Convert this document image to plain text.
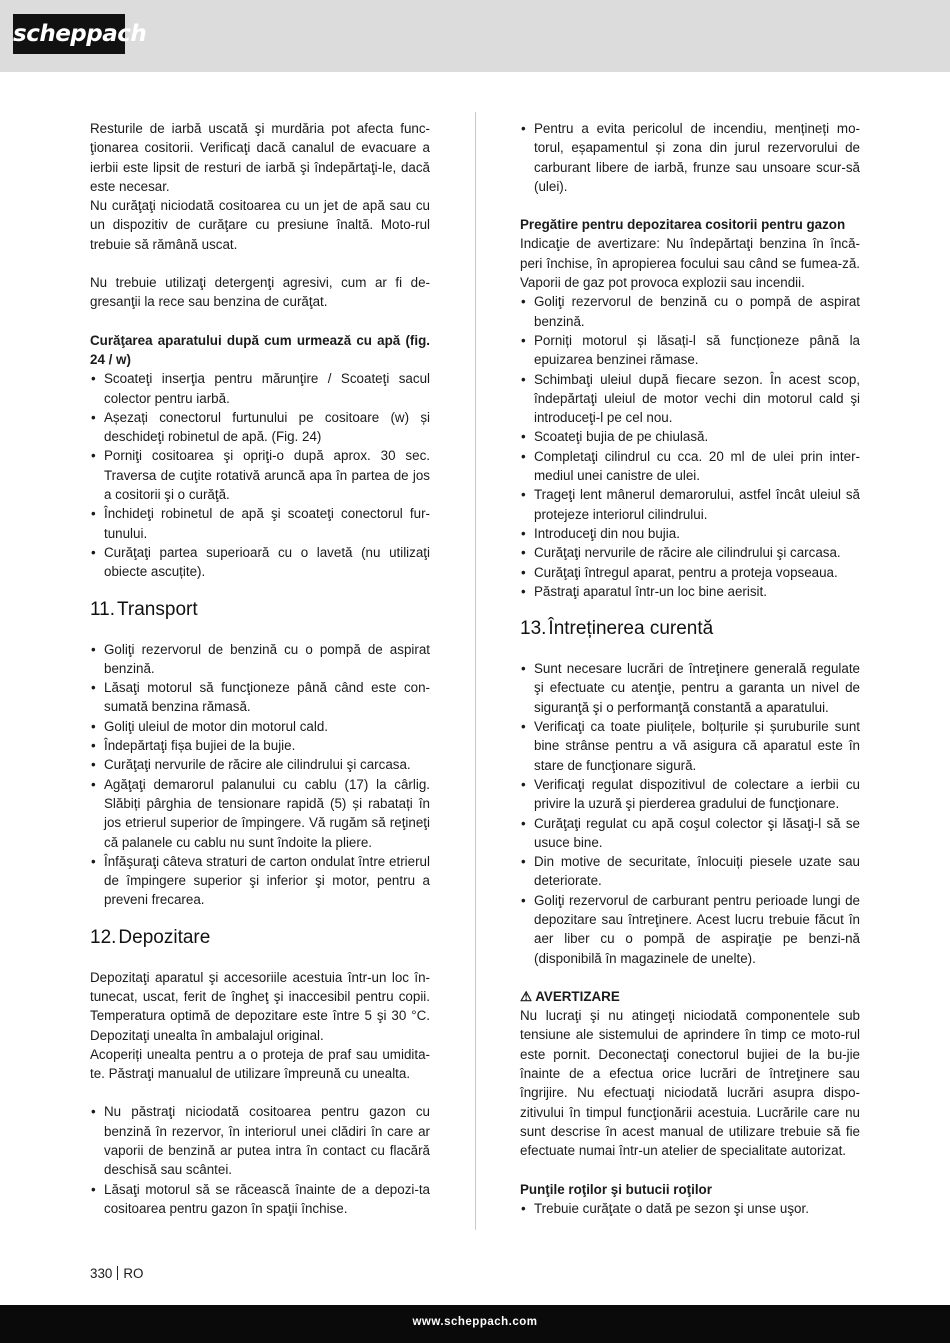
scheppach

Resturile de iarbă uscată şi murdăria pot afecta func-ţionarea cositorii. Verificaţi dacă canalul de evacuare a ierbii este lipsit de resturi de iarbă şi îndepărtaţi-le, dacă este necesar.

Nu curăţaţi niciodată cositoarea cu un jet de apă sau cu un dispozitiv de curăţare cu presiune înaltă. Moto-rul trebuie să rămână uscat.

Nu trebuie utilizaţi detergenţi agresivi, cum ar fi de-gresanţii la rece sau benzina de curăţat.

Curăţarea aparatului după cum urmează cu apă (fig. 24 / w)

• Scoateţi inserţia pentru mărunţire / Scoateţi sacul colector pentru iarbă.
• Așezați conectorul furtunului pe cositoare (w) și deschideţi robinetul de apă. (Fig. 24)
• Porniţi cositoarea şi opriţi-o după aprox. 30 sec. Traversa de cuţite rotativă aruncă apa în partea de jos a cositorii şi o curăţă.
• Închideţi robinetul de apă şi scoateţi conectorul fur-tunului.
• Curăţaţi partea superioară cu o lavetă (nu utilizaţi obiecte ascuțite).
11. Transport
• Goliţi rezervorul de benzină cu o pompă de aspirat benzină.
• Lăsaţi motorul să funcţioneze până când este con-sumată benzina rămasă.
• Goliţi uleiul de motor din motorul cald.
• Îndepărtaţi fișa bujiei de la bujie.
• Curăţaţi nervurile de răcire ale cilindrului şi carcasa.
• Agăţaţi demarorul palanului cu cablu (17) la cârlig. Slăbiți pârghia de tensionare rapidă (5) și rabatați în jos etrierul superior de împingere. Vă rugăm să reţineţi că palanele cu cablu nu sunt îndoite la pliere.
• Înfăşuraţi câteva straturi de carton ondulat între etrierul de împingere superior şi inferior şi motor, pentru a preveni frecarea.
12. Depozitare

Depozitaţi aparatul şi accesoriile acestuia într-un loc în-tunecat, uscat, ferit de îngheţ şi inaccesibil pentru copii. Temperatura optimă de depozitare este între 5 şi 30 °C. Depozitaţi unealta în ambalajul original.

Acoperiți unealta pentru a o proteja de praf sau umidita-te. Păstraţi manualul de utilizare împreună cu unealta.

• Nu păstraţi niciodată cositoarea pentru gazon cu benzină în rezervor, în interiorul unei clădiri în care ar vaporii de benzină ar putea intra în contact cu flacără deschisă sau scântei.
• Lăsaţi motorul să se răcească înainte de a depozi-ta cositoarea pentru gazon în spaţii închise.
• Pentru a evita pericolul de incendiu, mențineți mo-torul, eșapamentul și zona din jurul rezervorului de carburant libere de iarbă, frunze sau unsoare scur-să (ulei).

Pregătire pentru depozitarea cositorii pentru gazon

Indicaţie de avertizare: Nu îndepărtaţi benzina în încă-peri închise, în apropierea focului sau când se fumea-ză. Vaporii de gaz pot provoca explozii sau incendii.

• Goliţi rezervorul de benzină cu o pompă de aspirat benzină.
• Porniți motorul și lăsați-l să funcționeze până la epuizarea benzinei rămase.
• Schimbaţi uleiul după fiecare sezon. În acest scop, îndepărtaţi uleiul de motor vechi din motorul cald şi introduceţi-l pe cel nou.
• Scoateţi bujia de pe chiulasă.
• Completaţi cilindrul cu cca. 20 ml de ulei prin inter-mediul unei canistre de ulei.
• Trageţi lent mânerul demarorului, astfel încât uleiul să protejeze interiorul cilindrului.
• Introduceţi din nou bujia.
• Curăţaţi nervurile de răcire ale cilindrului şi carcasa.
• Curăţaţi întregul aparat, pentru a proteja vopseaua.
• Păstraţi aparatul într-un loc bine aerisit.
13. Întreținerea curentă
• Sunt necesare lucrări de întreţinere generală regulate şi efectuate cu atenţie, pentru a garanta un nivel de siguranţă şi o performanţă constantă a aparatului.
• Verificaţi ca toate piulițele, bolțurile și șuruburile sunt bine strânse pentru a vă asigura că aparatul este în stare de funcţionare sigură.
• Verificaţi regulat dispozitivul de colectare a ierbii cu privire la uzură şi pierderea gradului de funcţionare.
• Curăţaţi regulat cu apă coşul colector şi lăsaţi-l să se usuce bine.
• Din motive de securitate, înlocuiți piesele uzate sau deteriorate.
• Goliţi rezervorul de carburant pentru perioade lungi de depozitare sau întreţinere. Acest lucru trebuie făcut în aer liber cu o pompă de aspiraţie pe benzi-nă (disponibilă în magazinele de unelte).

⚠ AVERTIZARE

Nu lucraţi şi nu atingeţi niciodată componentele sub tensiune ale sistemului de aprindere în timp ce moto-rul este pornit. Deconectaţi conectorul bujiei de la bu-jie înainte de a efectua orice lucrări de întreţinere sau îngrijire. Nu efectuaţi niciodată lucrări asupra dispo-zitivului în timpul funcţionării acestuia. Lucrările care nu sunt descrise în acest manual de utilizare trebuie să fie efectuate numai într-un atelier de specialitate autorizat.

Punţile roţilor şi butucii roţilor

• Trebuie curăţate o dată pe sezon şi unse uşor.
330 RO
www.scheppach.com
